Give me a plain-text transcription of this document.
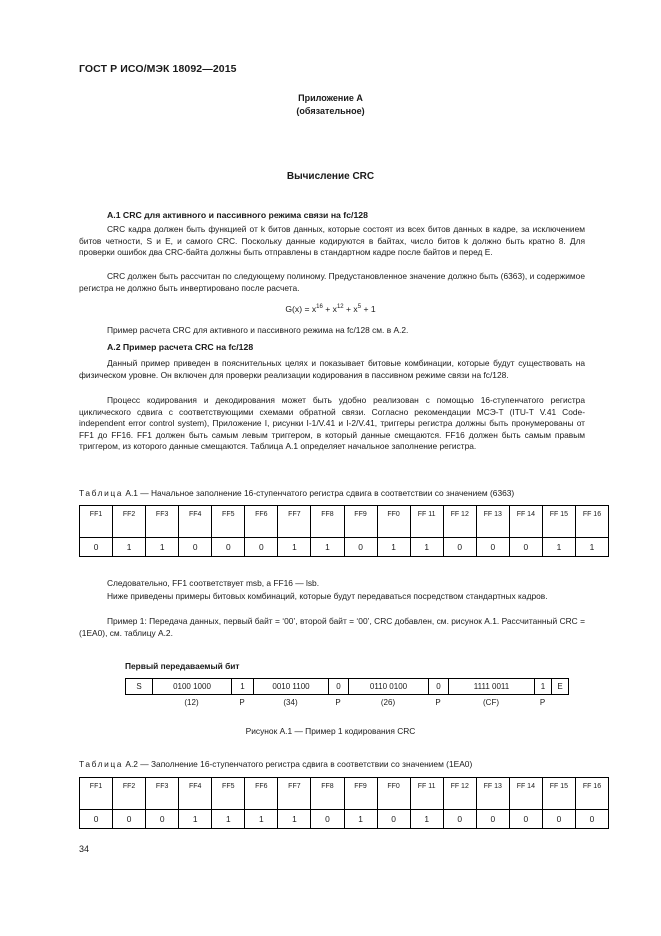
ГОСТ Р ИСО/МЭК 18092—2015
Приложение А
(обязательное)
Вычисление CRC
А.1 CRC для активного и пассивного режима связи на fc/128
CRC кадра должен быть функцией от k битов данных, которые состоят из всех битов данных в кадре, за исключением битов четности, S и E, и самого CRC. Поскольку данные кодируются в байтах, число битов k должно быть кратно 8. Для проверки ошибок два CRC-байта должны быть отправлены в стандартном кадре после байтов и перед E.
CRC должен быть рассчитан по следующему полиному. Предустановленное значение должно быть (6363), и содержимое регистра не должно быть инвертировано после расчета.
$G(x) = x^{16} + x^{12} + x^5 + 1$
Пример расчета CRC для активного и пассивного режима на fc/128 см. в А.2.
А.2 Пример расчета CRC на fc/128
Данный пример приведен в пояснительных целях и показывает битовые комбинации, которые будут существовать на физическом уровне. Он включен для проверки реализации кодирования в пассивном режиме связи на fc/128.
Процесс кодирования и декодирования может быть удобно реализован с помощью 16-ступенчатого регистра циклического сдвига с соответствующими схемами обратной связи. Согласно рекомендации МСЭ-Т (ITU-T V.41 Code-independent error control system), Приложение I, рисунки I-1/V.41 и I-2/V.41, триггеры регистра должны быть пронумерованы от FF1 до FF16. FF1 должен быть самым левым триггером, в который данные смещаются. FF16 должен быть самым правым триггером, из которого данные смещаются. Таблица А.1 определяет начальное заполнение регистра.
Таблица А.1 — Начальное заполнение 16-ступенчатого регистра сдвига в соответствии со значением (6363)
FF1	FF2	FF3	FF4	FF5	FF6	FF7	FF8	FF9	FF0	FF 11	FF 12	FF 13	FF 14	FF 15	FF 16
0	1	1	0	0	0	1	1	0	1	1	0	0	0	1	1
Следовательно, FF1 соответствует msb, а FF16 — lsb.
Ниже приведены примеры битовых комбинаций, которые будут передаваться посредством стандартных кадров.
Пример 1: Передача данных, первый байт = ‘00’, второй байт = ‘00’, CRC добавлен, см. рисунок А.1. Рассчитанный CRC = (1EA0), см. таблицу А.2.
Первый передаваемый бит
S	0100 1000	1	0010 1100	0	0110 0100	0	1111 0011	1	E
(12)	P	(34)	P	(26)	P	(CF)	P
Рисунок А.1 — Пример 1 кодирования CRC
Таблица А.2 — Заполнение 16-ступенчатого регистра сдвига в соответствии со значением (1EA0)
FF1	FF2	FF3	FF4	FF5	FF6	FF7	FF8	FF9	FF0	FF 11	FF 12	FF 13	FF 14	FF 15	FF 16
0	0	0	1	1	1	1	0	1	0	1	0	0	0	0	0
34
